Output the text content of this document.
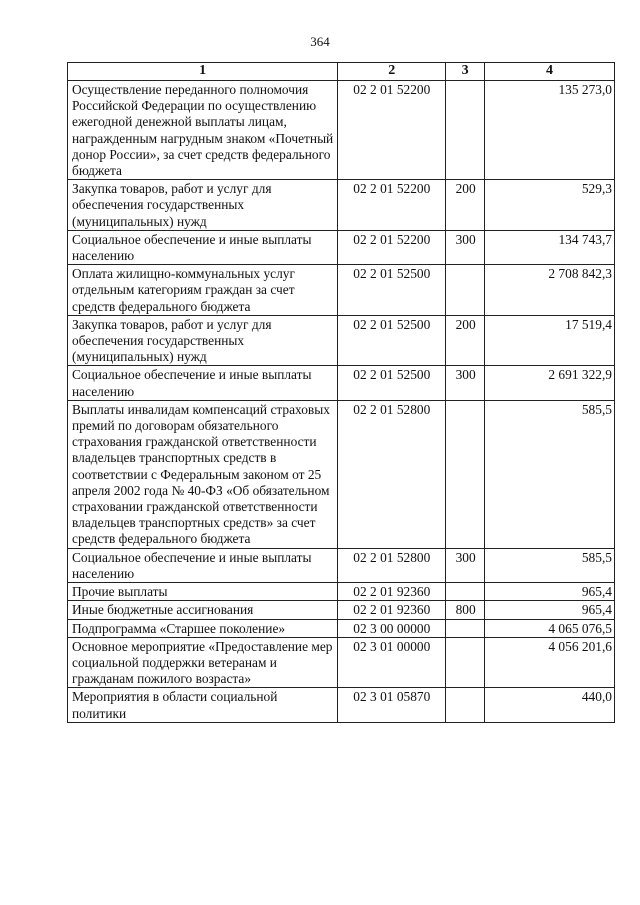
364
1	2	3	4
Осуществление переданного полномочия Российской Федерации по осуществлению ежегодной денежной выплаты лицам, награжденным нагрудным знаком «Почетный донор России», за счет средств федерального бюджета	02 2 01 52200		135 273,0
Закупка товаров, работ и услуг для обеспечения государственных (муниципальных) нужд	02 2 01 52200	200	529,3
Социальное обеспечение и иные выплаты населению	02 2 01 52200	300	134 743,7
Оплата жилищно-коммунальных услуг отдельным категориям граждан за счет средств федерального бюджета	02 2 01 52500		2 708 842,3
Закупка товаров, работ и услуг для обеспечения государственных (муниципальных) нужд	02 2 01 52500	200	17 519,4
Социальное обеспечение и иные выплаты населению	02 2 01 52500	300	2 691 322,9
Выплаты инвалидам компенсаций страховых премий по договорам обязательного страхования гражданской ответственности владельцев транспортных средств в соответствии с Федеральным законом от 25 апреля 2002 года № 40-ФЗ «Об обязательном страховании гражданской ответственности владельцев транспортных средств» за счет средств федерального бюджета	02 2 01 52800		585,5
Социальное обеспечение и иные выплаты населению	02 2 01 52800	300	585,5
Прочие выплаты	02 2 01 92360		965,4
Иные бюджетные ассигнования	02 2 01 92360	800	965,4
Подпрограмма «Старшее поколение»	02 3 00 00000		4 065 076,5
Основное мероприятие «Предоставление мер социальной поддержки ветеранам и гражданам пожилого возраста»	02 3 01 00000		4 056 201,6
Мероприятия в области социальной политики	02 3 01 05870		440,0
